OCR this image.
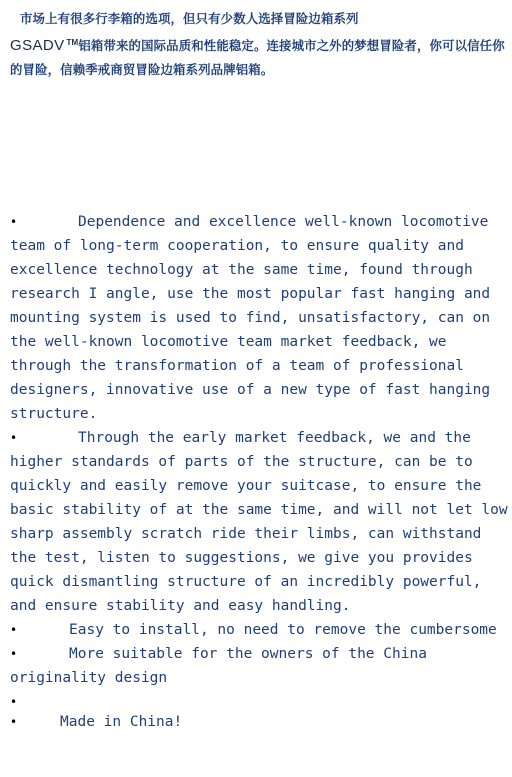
市场上有很多行李箱的选项，但只有少数人选择冒险边箱系列
GSADV ™铝箱带来的国际品质和性能稳定。连接城市之外的梦想冒险者，你可以信任你的冒险，信赖季戒商贸冒险边箱系列品牌铝箱。

•	Dependence and excellence well-known locomotive team of long-term cooperation, to ensure quality and excellence technology at the same time, found through research I angle, use the most popular fast hanging and mounting system is used to find, unsatisfactory, can on the well-known locomotive team market feedback, we through the transformation of a team of professional designers, innovative use of a new type of fast hanging structure.

•	Through the early market feedback, we and the higher standards of parts of the structure, can be to quickly and easily remove your suitcase, to ensure the basic stability of at the same time, and will not let low sharp assembly scratch ride their limbs, can withstand the test, listen to suggestions, we give you provides quick dismantling structure of an incredibly powerful, and ensure stability and easy handling.

•	Easy to install, no need to remove the cumbersome

•	More suitable for the owners of the China originality design

•

•	Made in China!
